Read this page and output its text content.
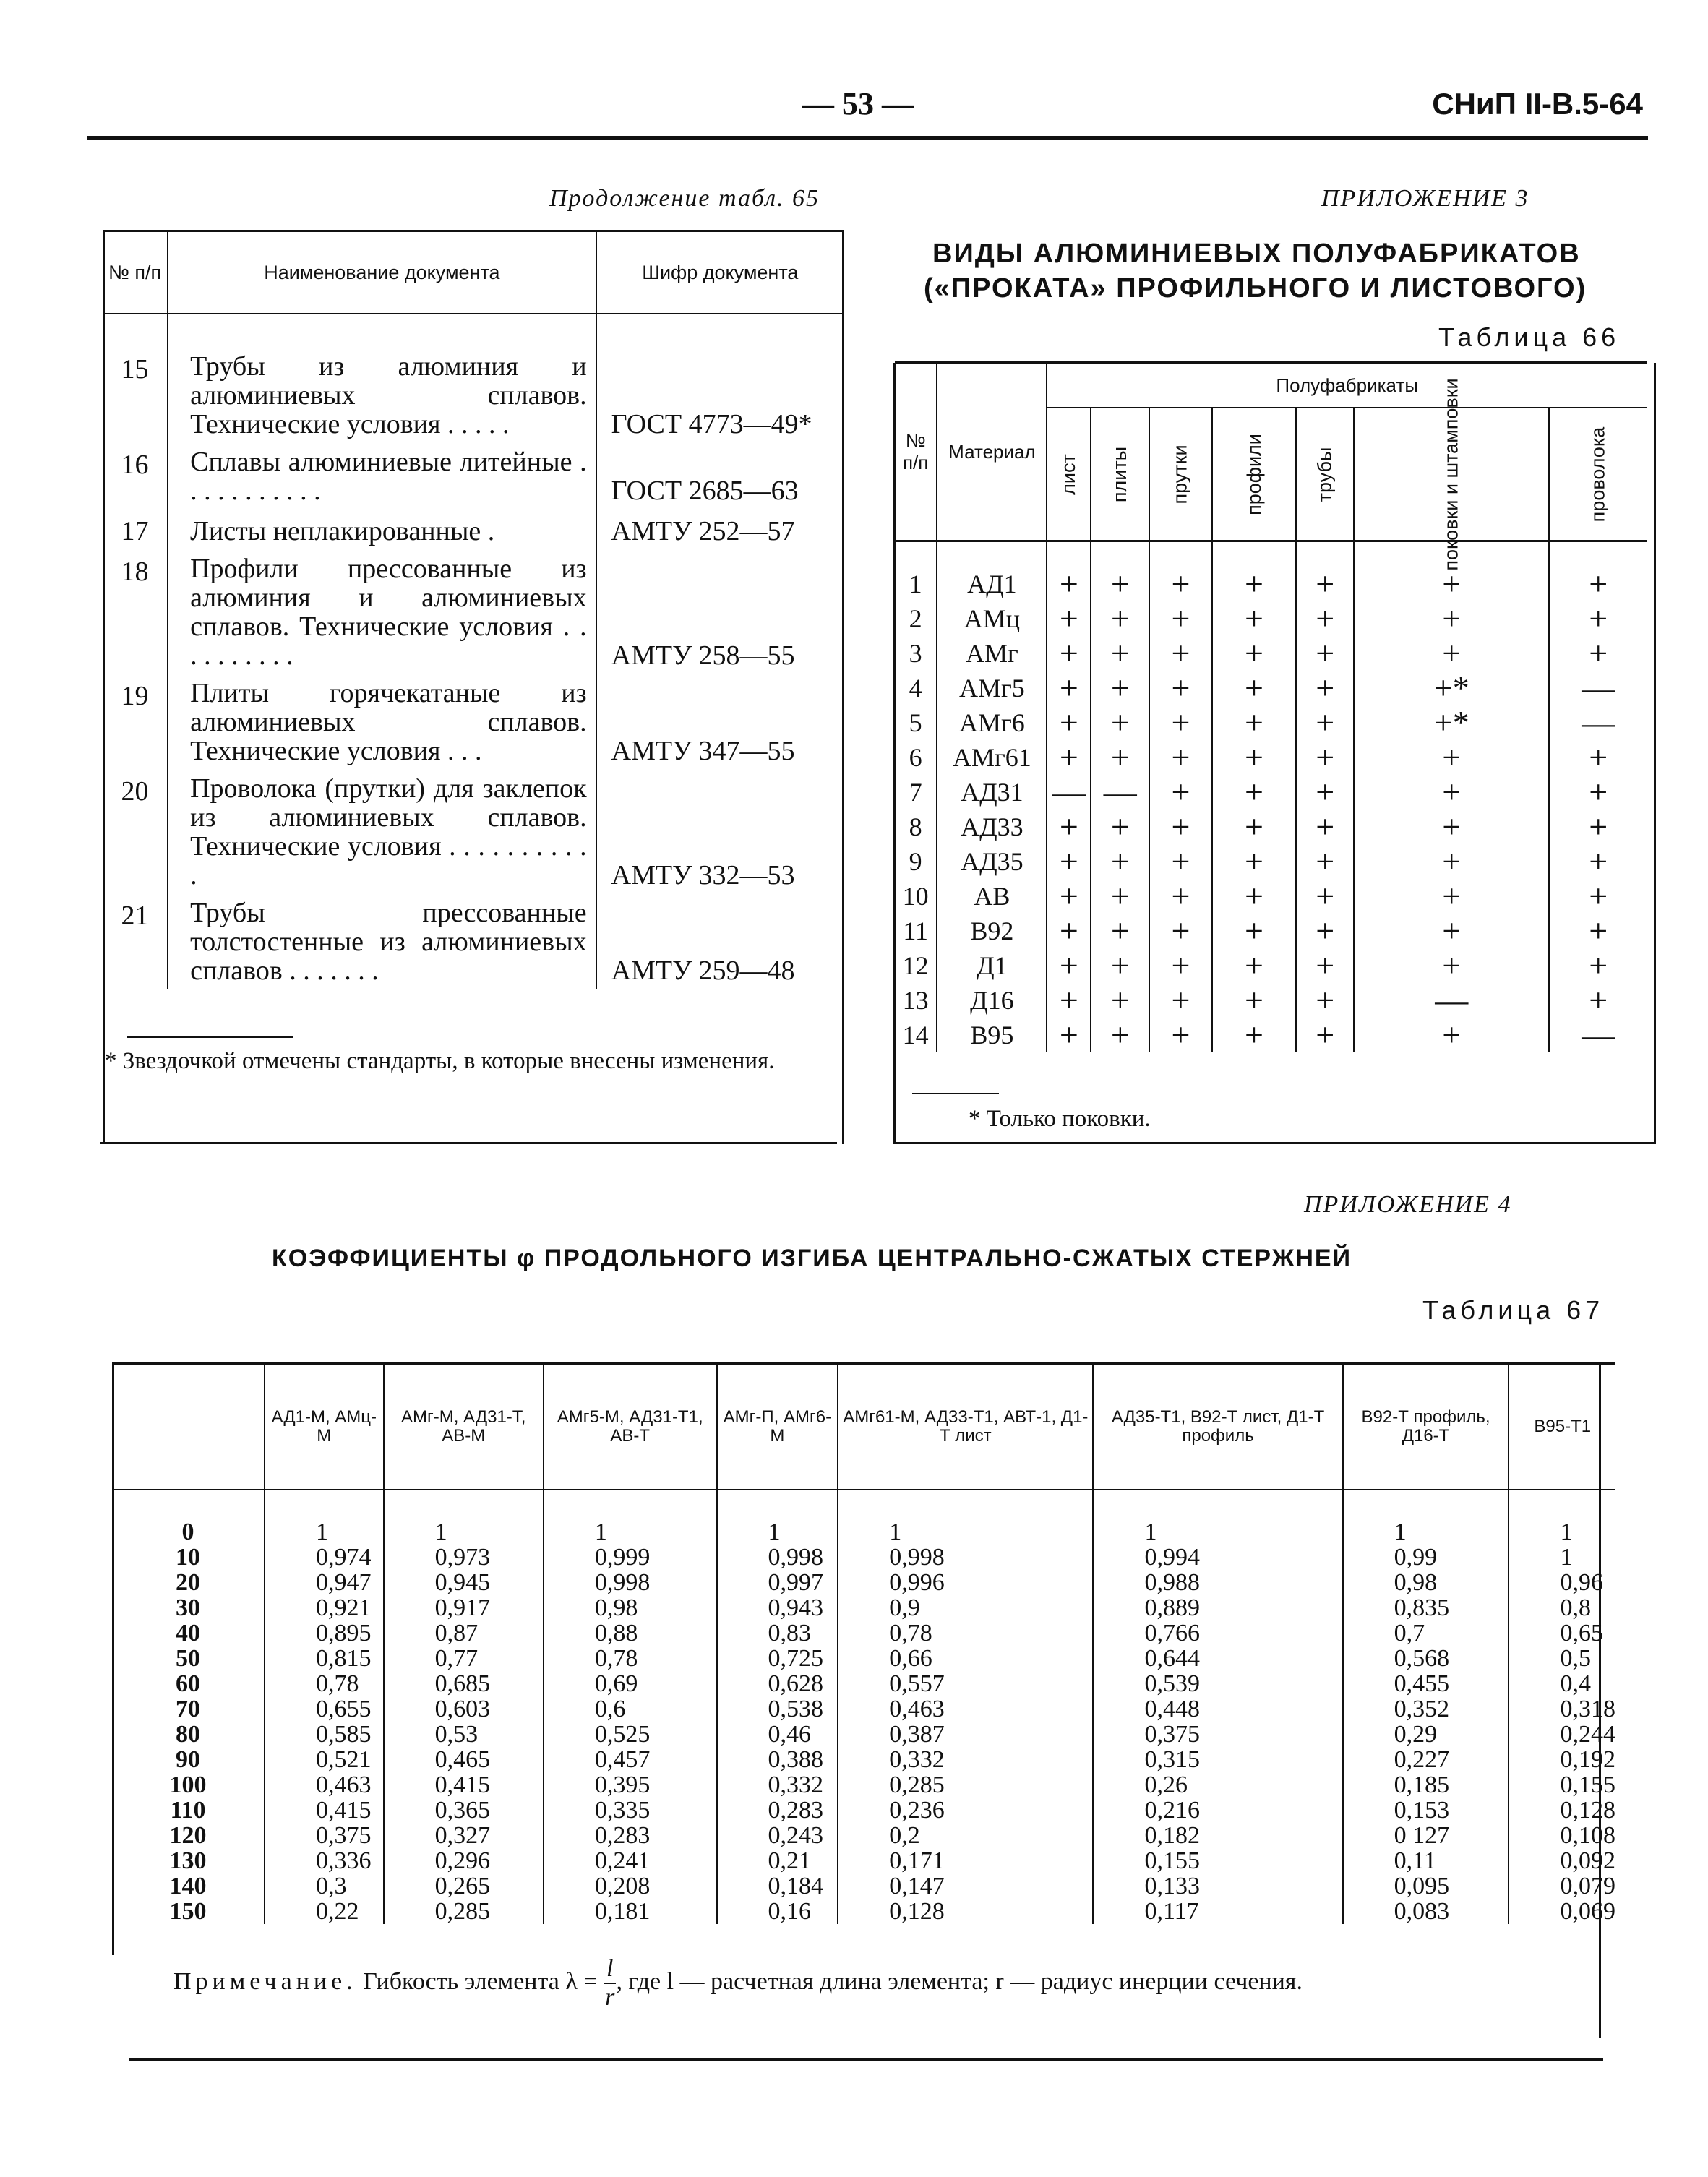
— 53 —	СНиП II-В.5-64
Продолжение табл. 65
№ п/п	Наименование документа	Шифр документа

15	Трубы из алюминия и алюминиевых сплавов. Технические условия . . . . .	ГОСТ 4773—49*
16	Сплавы алюминиевые литейные . . . . . . . . . . .	ГОСТ 2685—63
17	Листы неплакированные .	АМТУ 252—57
18	Профили прессованные из алюминия и алюминиевых сплавов. Технические условия . . . . . . . . . .	АМТУ 258—55
19	Плиты горячекатаные из алюминиевых сплавов. Технические условия . . .	АМТУ 347—55
20	Проволока (прутки) для заклепок из алюминиевых сплавов. Технические условия . . . . . . . . . . .	АМТУ 332—53
21	Трубы прессованные толстостенные из алюминиевых сплавов . . . . . . .	АМТУ 259—48
* Звездочкой отмечены стандарты, в которые внесены изменения.
ПРИЛОЖЕНИЕ 3
ВИДЫ АЛЮМИНИЕВЫХ ПОЛУФАБРИКАТОВ
(«ПРОКАТА» ПРОФИЛЬНОГО И ЛИСТОВОГО)
Таблица 66
№ п/п	Материал	Полуфабрикаты						
		лист	плиты	прутки	профили	трубы	поковки и штамповки	проволока
1	АД1	+	+	+	+	+	+	+
2	АМц	+	+	+	+	+	+	+
3	АМг	+	+	+	+	+	+	+
4	АМг5	+	+	+	+	+	+*	—
5	АМг6	+	+	+	+	+	+*	—
6	АМг61	+	+	+	+	+	+	+
7	АД31	—	—	+	+	+	+	+
8	АД33	+	+	+	+	+	+	+
9	АД35	+	+	+	+	+	+	+
10	АВ	+	+	+	+	+	+	+
11	В92	+	+	+	+	+	+	+
12	Д1	+	+	+	+	+	+	+
13	Д16	+	+	+	+	+	—	+
14	В95	+	+	+	+	+	+	—

* Только поковки.
ПРИЛОЖЕНИЕ 4
КОЭФФИЦИЕНТЫ φ ПРОДОЛЬНОГО ИЗГИБА ЦЕНТРАЛЬНО-СЖАТЫХ СТЕРЖНЕЙ
Таблица 67
	АД1-М, АМц-М	АМг-М, АД31-Т, АВ-М	АМг5-М, АД31-Т1, АВ-Т	АМг-П, АМг6-М	АМг61-М, АД33-Т1, АВТ-1, Д1-Т лист	АД35-Т1, В92-Т лист, Д1-Т профиль	В92-Т профиль, Д16-Т	В95-Т1
0	1	1	1	1	1	1	1	1
10	0,974	0,973	0,999	0,998	0,998	0,994	0,99	1
20	0,947	0,945	0,998	0,997	0,996	0,988	0,98	0,96
30	0,921	0,917	0,98	0,943	0,9	0,889	0,835	0,8
40	0,895	0,87	0,88	0,83	0,78	0,766	0,7	0,65
50	0,815	0,77	0,78	0,725	0,66	0,644	0,568	0,5
60	0,78	0,685	0,69	0,628	0,557	0,539	0,455	0,4
70	0,655	0,603	0,6	0,538	0,463	0,448	0,352	0,318
80	0,585	0,53	0,525	0,46	0,387	0,375	0,29	0,244
90	0,521	0,465	0,457	0,388	0,332	0,315	0,227	0,192
100	0,463	0,415	0,395	0,332	0,285	0,26	0,185	0,155
110	0,415	0,365	0,335	0,283	0,236	0,216	0,153	0,128
120	0,375	0,327	0,283	0,243	0,2	0,182	0 127	0,108
130	0,336	0,296	0,241	0,21	0,171	0,155	0,11	0,092
140	0,3	0,265	0,208	0,184	0,147	0,133	0,095	0,079
150	0,22	0,285	0,181	0,16	0,128	0,117	0,083	0,069
Примечание. Гибкость элемента $\lambda = \frac{l}{r}$, где l — расчетная длина элемента; r — радиус инерции сечения.
